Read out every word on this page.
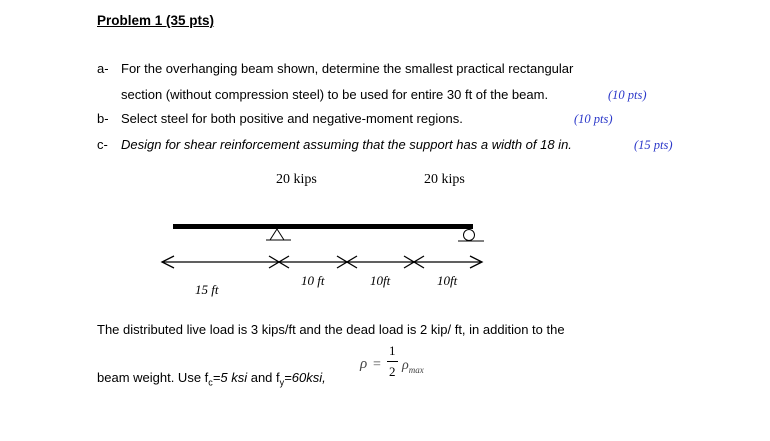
Problem 1 (35 pts)
a- For the overhanging beam shown, determine the smallest practical rectangular
section (without compression steel) to be used for entire 30 ft of the beam.	(10 pts)
b- Select steel for both positive and negative-moment regions.	(10 pts)
c- Design for shear reinforcement assuming that the support has a width of 18 in.	(15 pts)
20 kips	20 kips
15 ft
10 ft	10ft	10ft
The distributed live load is 3 kips/ft and the dead load is 2 kip/ ft, in addition to the
beam weight. Use $f_c=5$ ksi and $f_y=60ksi$,
ρ =
1
2 $\rho_{max}$
